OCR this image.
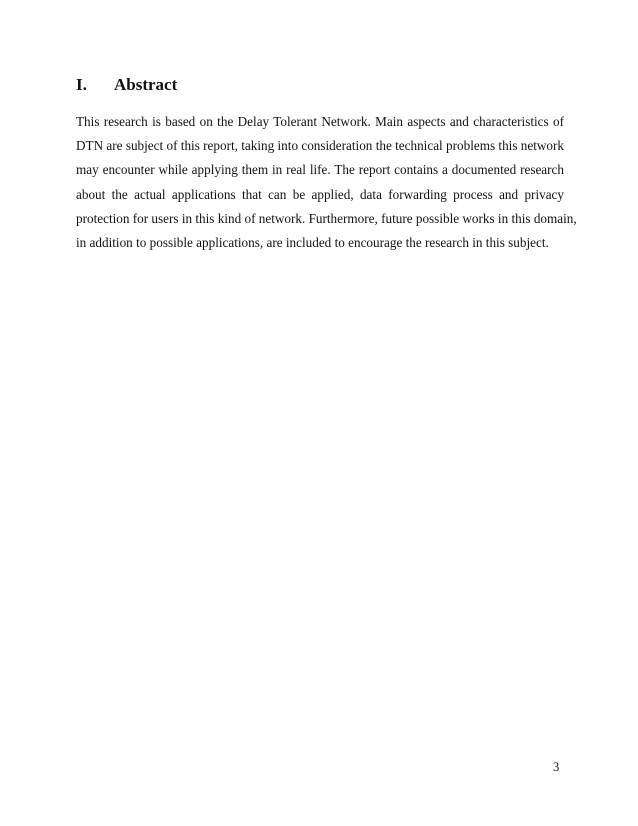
I. Abstract
This research is based on the Delay Tolerant Network. Main aspects and characteristics of
DTN are subject of this report, taking into consideration the technical problems this network
may encounter while applying them in real life. The report contains a documented research
about the actual applications that can be applied, data forwarding process and privacy
protection for users in this kind of network. Furthermore, future possible works in this domain,
in addition to possible applications, are included to encourage the research in this subject.
3
